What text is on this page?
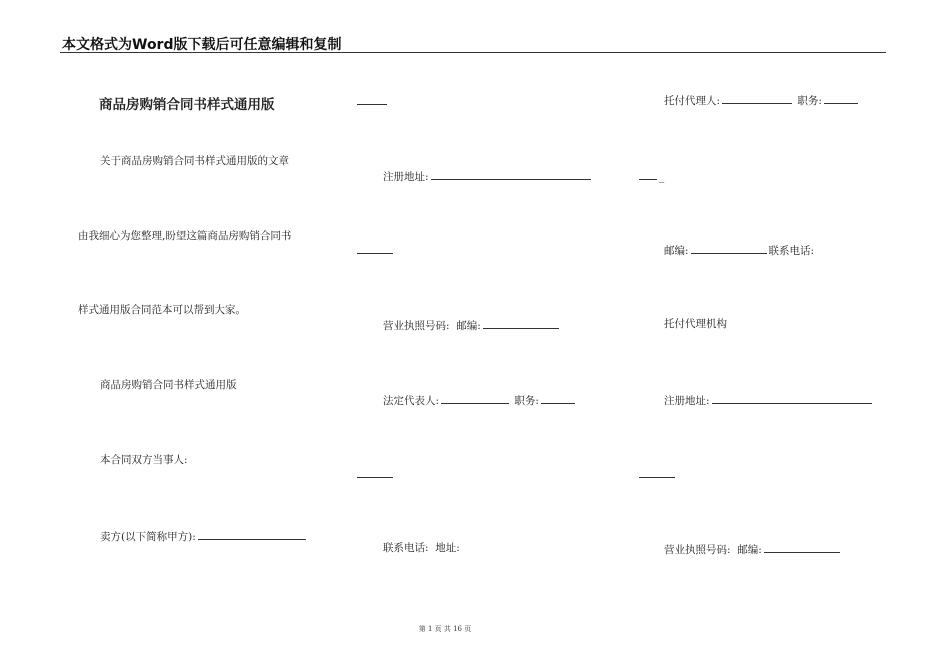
本文格式为Word版下载后可任意编辑和复制
商品房购销合同书样式通用版
关于商品房购销合同书样式通用版的文章
由我细心为您整理,盼望这篇商品房购销合同书
样式通用版合同范本可以帮到大家。
商品房购销合同书样式通用版
本合同双方当事人:
卖方(以下简称甲方):
注册地址:
营业执照号码: 邮编:
法定代表人:	职务:
联系电话: 地址:
托付代理人:	职务:
_
邮编:	联系电话:
托付代理机构
注册地址:
营业执照号码: 邮编:
第 1 页 共 16 页
